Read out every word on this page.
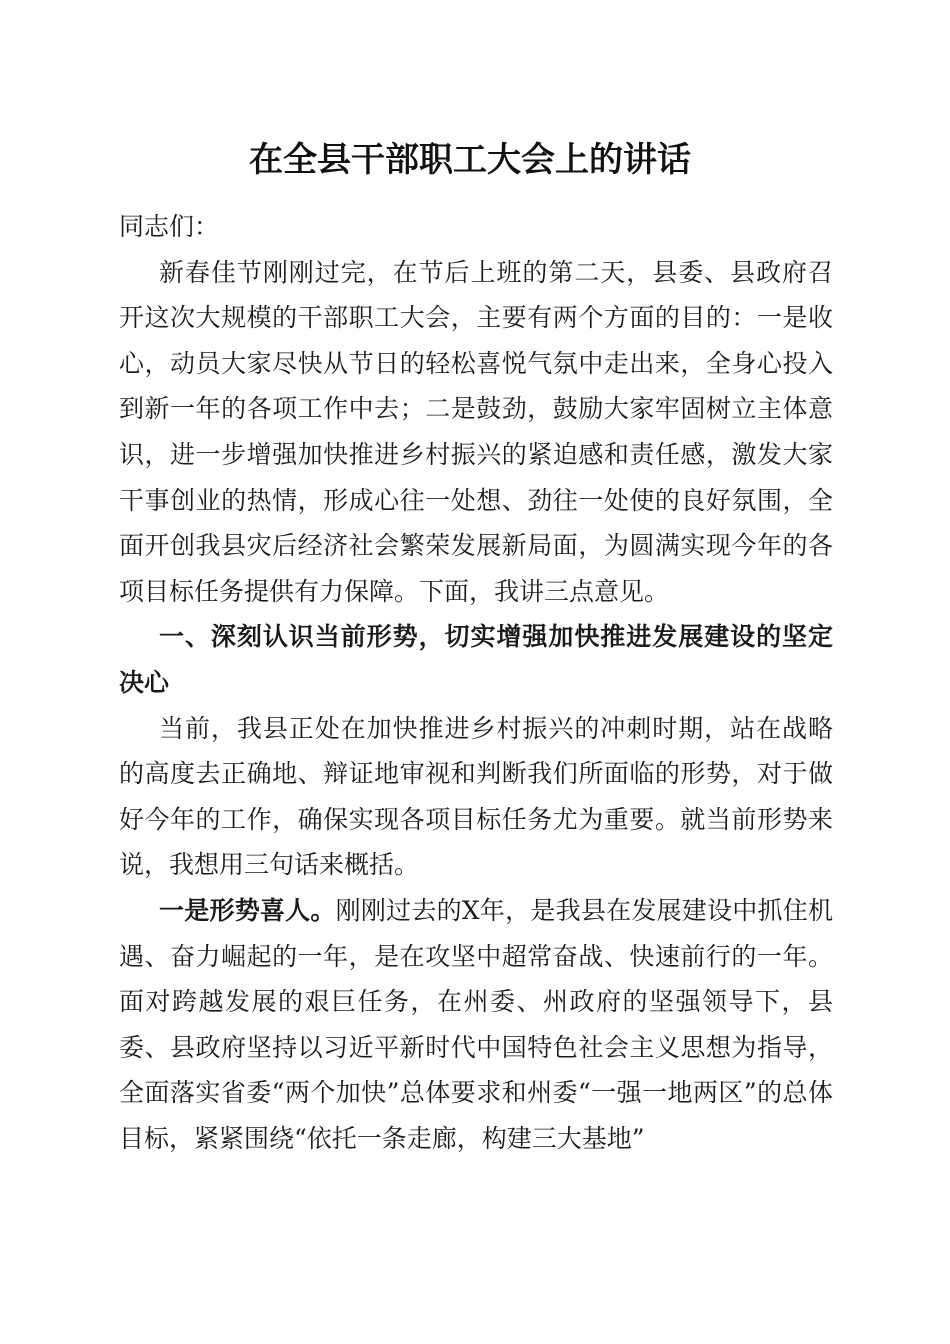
在全县干部职工大会上的讲话

同志们：

新春佳节刚刚过完，在节后上班的第二天，县委、县政府召开这次大规模的干部职工大会，主要有两个方面的目的：一是收心，动员大家尽快从节日的轻松喜悦气氛中走出来，全身心投入到新一年的各项工作中去；二是鼓劲，鼓励大家牢固树立主体意识，进一步增强加快推进乡村振兴的紧迫感和责任感，激发大家干事创业的热情，形成心往一处想、劲往一处使的良好氛围，全面开创我县灾后经济社会繁荣发展新局面，为圆满实现今年的各项目标任务提供有力保障。下面，我讲三点意见。

一、深刻认识当前形势，切实增强加快推进发展建设的坚定决心

当前，我县正处在加快推进乡村振兴的冲刺时期，站在战略的高度去正确地、辩证地审视和判断我们所面临的形势，对于做好今年的工作，确保实现各项目标任务尤为重要。就当前形势来说，我想用三句话来概括。

一是形势喜人。刚刚过去的X年，是我县在发展建设中抓住机遇、奋力崛起的一年，是在攻坚中超常奋战、快速前行的一年。面对跨越发展的艰巨任务，在州委、州政府的坚强领导下，县委、县政府坚持以习近平新时代中国特色社会主义思想为指导，全面落实省委“两个加快”总体要求和州委“一强一地两区”的总体目标，紧紧围绕“依托一条走廊，构建三大基地”
